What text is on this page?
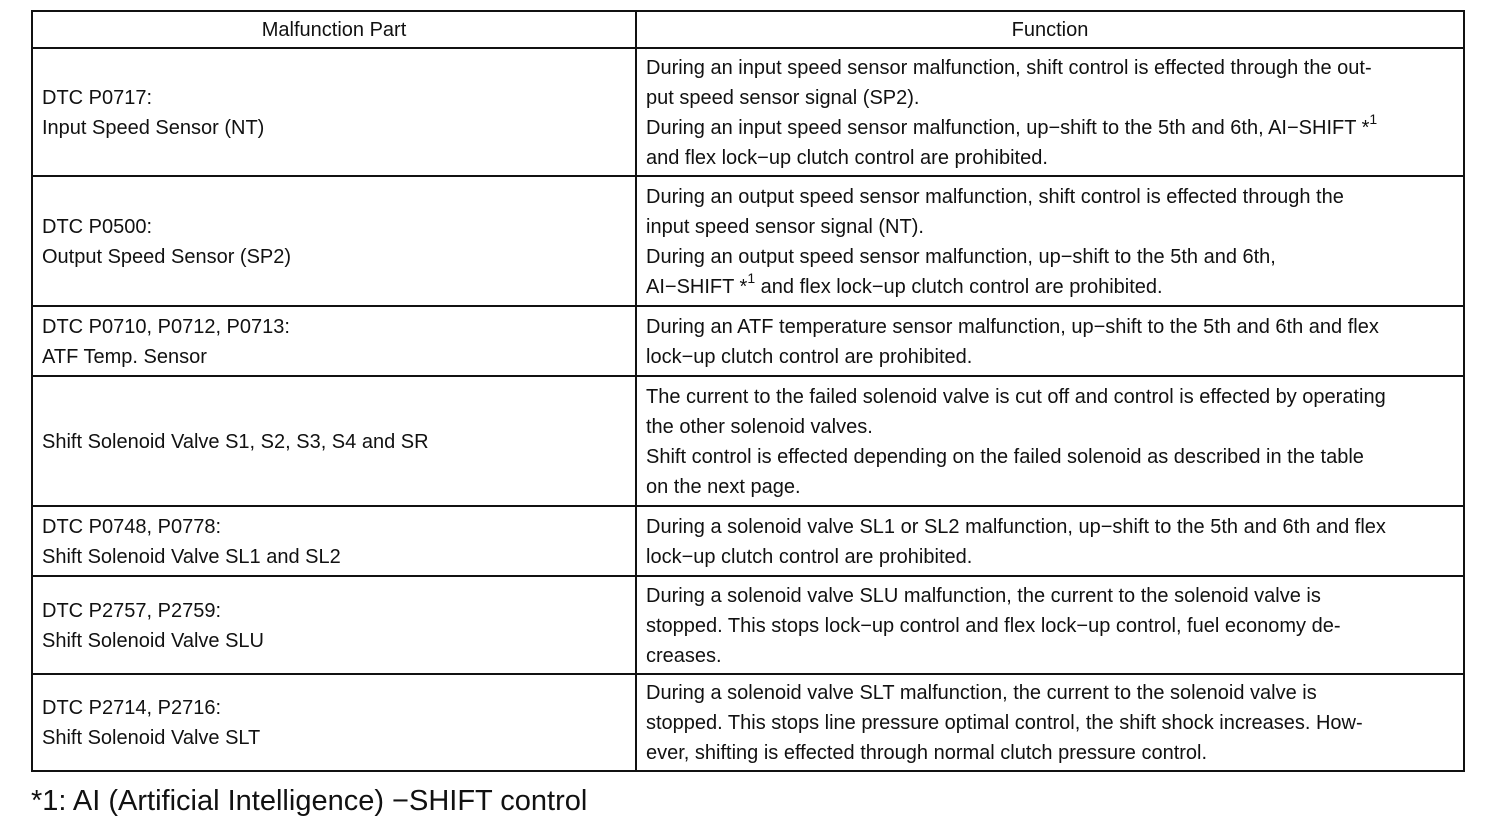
Malfunction Part	Function

DTC P0717:
Input Speed Sensor (NT)	During an input speed sensor malfunction, shift control is effected through the out-
put speed sensor signal (SP2).
During an input speed sensor malfunction, up−shift to the 5th and 6th, AI−SHIFT *$^1$
and flex lock−up clutch control are prohibited.

DTC P0500:
Output Speed Sensor (SP2)	During an output speed sensor malfunction, shift control is effected through the
input speed sensor signal (NT).
During an output speed sensor malfunction, up−shift to the 5th and 6th,
AI−SHIFT *$^1$ and flex lock−up clutch control are prohibited.

DTC P0710, P0712, P0713:
ATF Temp. Sensor	During an ATF temperature sensor malfunction, up−shift to the 5th and 6th and flex
lock−up clutch control are prohibited.

Shift Solenoid Valve S1, S2, S3, S4 and SR	The current to the failed solenoid valve is cut off and control is effected by operating
the other solenoid valves.
Shift control is effected depending on the failed solenoid as described in the table
on the next page.

DTC P0748, P0778:
Shift Solenoid Valve SL1 and SL2	During a solenoid valve SL1 or SL2 malfunction, up−shift to the 5th and 6th and flex
lock−up clutch control are prohibited.

DTC P2757, P2759:
Shift Solenoid Valve SLU	During a solenoid valve SLU malfunction, the current to the solenoid valve is
stopped. This stops lock−up control and flex lock−up control, fuel economy de-
creases.

DTC P2714, P2716:
Shift Solenoid Valve SLT	During a solenoid valve SLT malfunction, the current to the solenoid valve is
stopped. This stops line pressure optimal control, the shift shock increases. How-
ever, shifting is effected through normal clutch pressure control.
*1: AI (Artificial Intelligence) −SHIFT control
